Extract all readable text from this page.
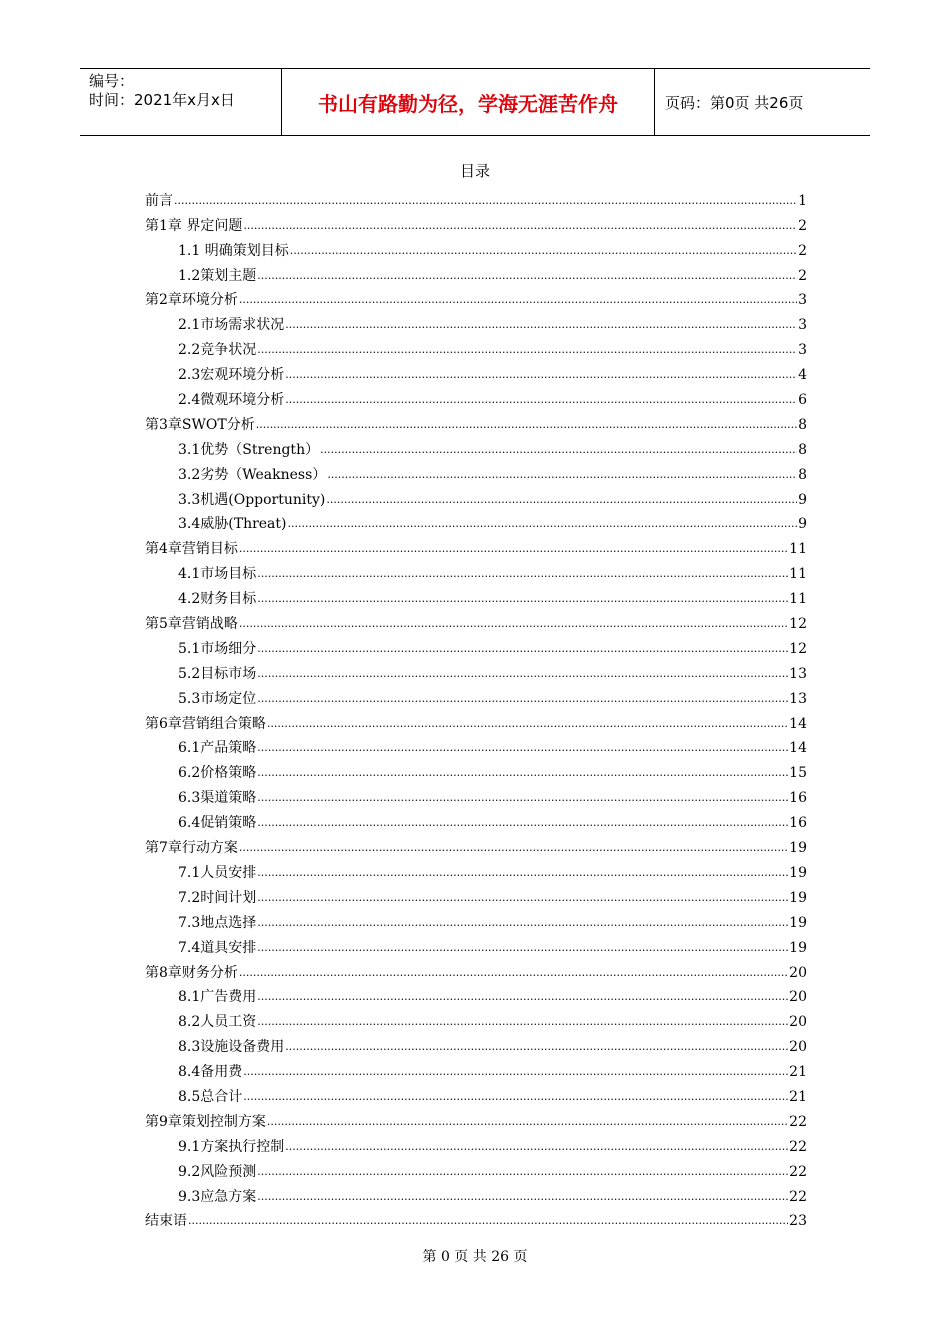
编号：
时间：2021年x月x日	书山有路勤为径，学海无涯苦作舟	页码：第0页 共26页
目录
前言 .....	1
第1章 界定问题 .....	2
1.1 明确策划目标 .....	2
1.2策划主题 .....	2
第2章环境分析 .....	3
2.1市场需求状况 .....	3
2.2竞争状况 .....	3
2.3宏观环境分析 .....	4
2.4微观环境分析 .....	6
第3章SWOT分析 .....	8
3.1优势（Strength） .....	8
3.2劣势（Weakness） .....	8
3.3机遇(Opportunity) .....	9
3.4威胁(Threat) .....	9
第4章营销目标 .....	11
4.1市场目标 .....	11
4.2财务目标 .....	11
第5章营销战略 .....	12
5.1市场细分 .....	12
5.2目标市场 .....	13
5.3市场定位 .....	13
第6章营销组合策略 .....	14
6.1产品策略 .....	14
6.2价格策略 .....	15
6.3渠道策略 .....	16
6.4促销策略 .....	16
第7章行动方案 .....	19
7.1人员安排 .....	19
7.2时间计划 .....	19
7.3地点选择 .....	19
7.4道具安排 .....	19
第8章财务分析 .....	20
8.1广告费用 .....	20
8.2人员工资 .....	20
8.3设施设备费用 .....	20
8.4备用费 .....	21
8.5总合计 .....	21
第9章策划控制方案 .....	22
9.1方案执行控制 .....	22
9.2风险预测 .....	22
9.3应急方案 .....	22
结束语 .....	23
第 0 页 共 26 页
